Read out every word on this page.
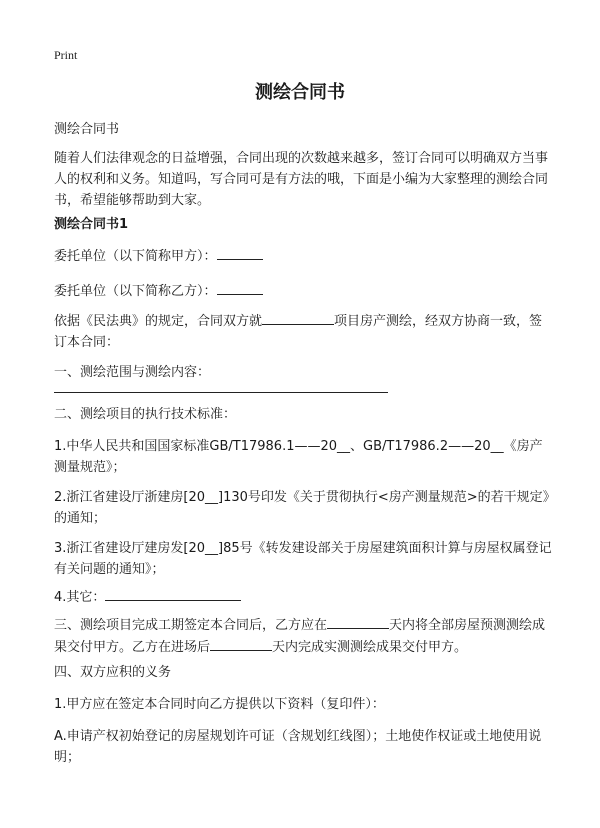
Print
测绘合同书

测绘合同书

随着人们法律观念的日益增强，合同出现的次数越来越多，签订合同可以明确双方当事人的权利和义务。知道吗，写合同可是有方法的哦，下面是小编为大家整理的测绘合同书，希望能够帮助到大家。

测绘合同书1

委托单位（以下简称甲方）：

委托单位（以下简称乙方）：

依据《民法典》的规定，合同双方就	项目房产测绘，经双方协商一致，签订本合同：

一、测绘范围与测绘内容：

二、测绘项目的执行技术标准：

1.中华人民共和国国家标准GB/T17986.1——20__、GB/T17986.2——20__《房产测量规范》；

2.浙江省建设厅浙建房[20__]130号印发《关于贯彻执行<房产测量规范>的若干规定》的通知；

3.浙江省建设厅建房发[20__]85号《转发建设部关于房屋建筑面积计算与房屋权属登记有关问题的通知》；

4.其它：

三、测绘项目完成工期签定本合同后，乙方应在	天内将全部房屋预测测绘成果交付甲方。乙方在进场后	天内完成实测测绘成果交付甲方。

四、双方应积的义务

1.甲方应在签定本合同时向乙方提供以下资料（复印件）：

A.申请产权初始登记的房屋规划许可证（含规划红线图）；土地使作权证或土地使用说明；
